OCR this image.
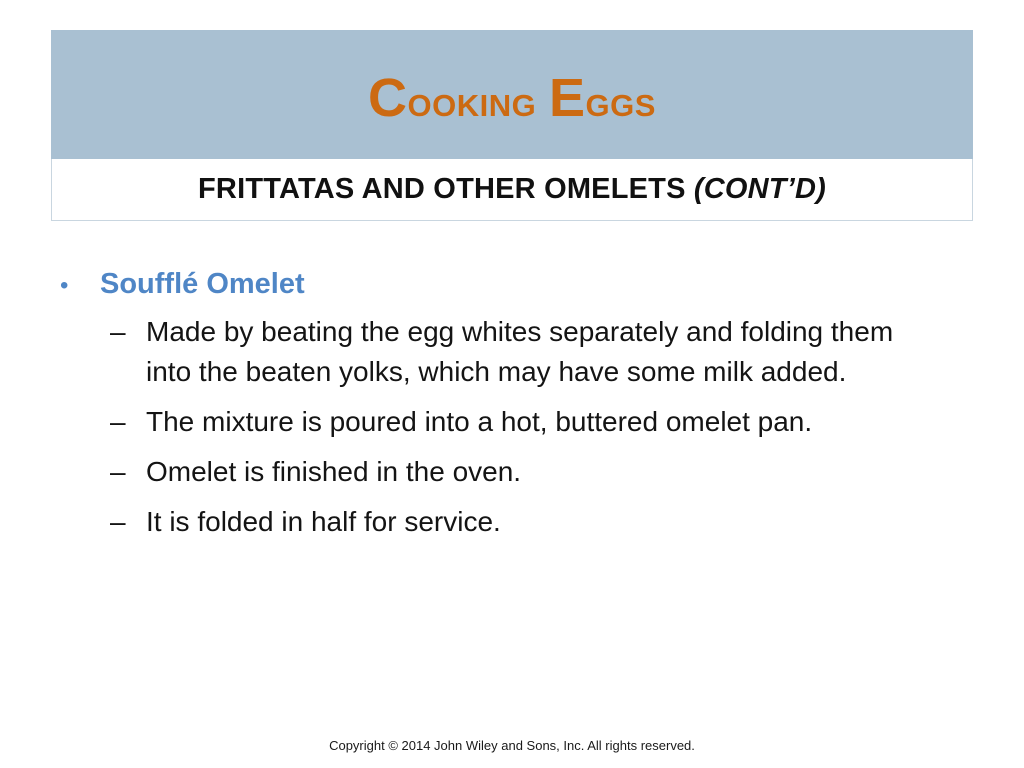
Cooking Eggs
FRITTATAS AND OTHER OMELETS (CONT’D)
•	Soufflé Omelet
– Made by beating the egg whites separately and folding them into the beaten yolks, which may have some milk added.
– The mixture is poured into a hot, buttered omelet pan.
– Omelet is finished in the oven.
– It is folded in half for service.
Copyright © 2014 John Wiley and Sons, Inc. All rights reserved.
